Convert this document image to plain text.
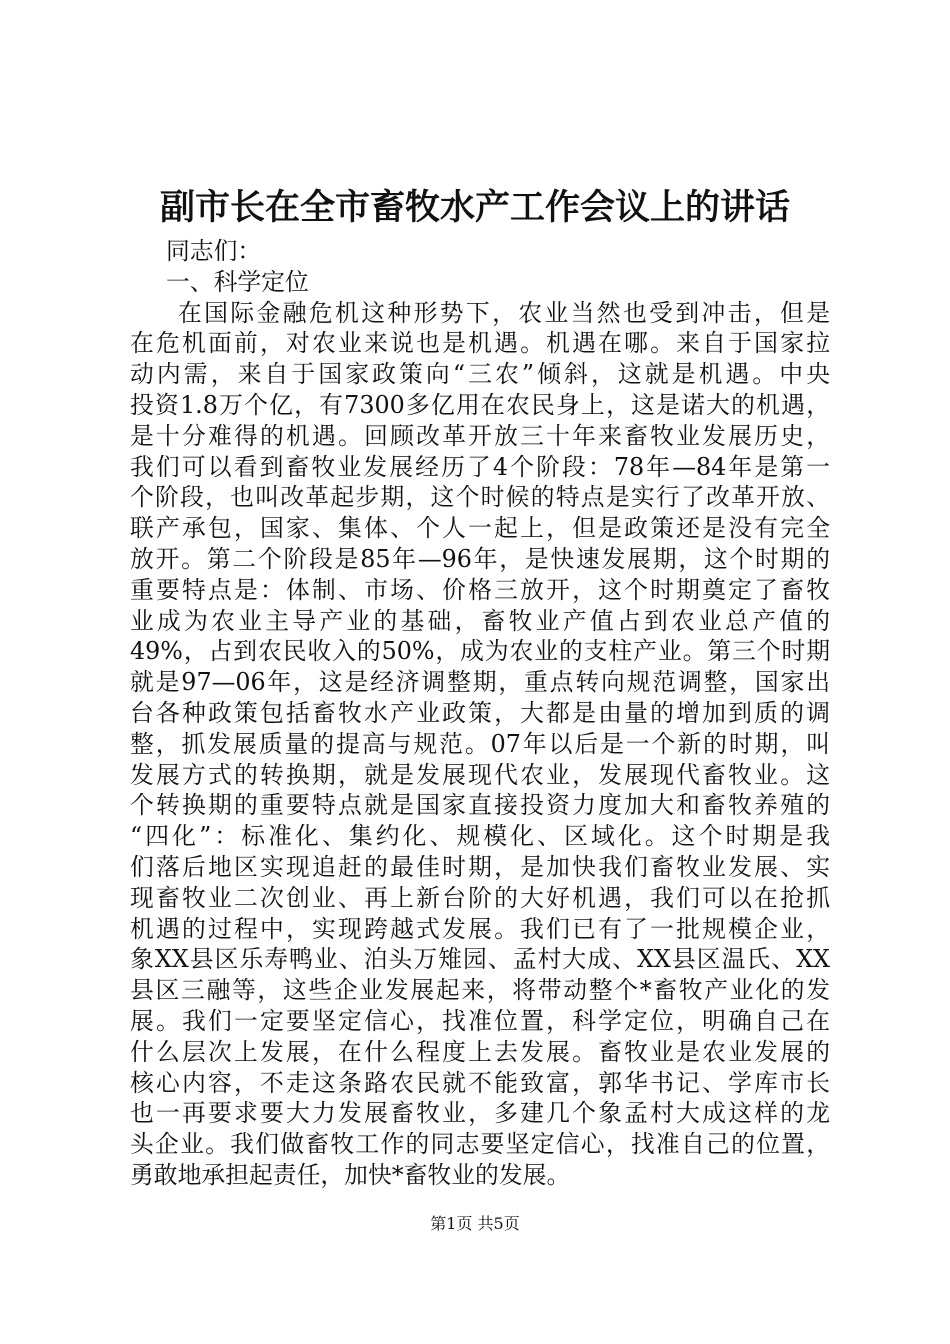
副市长在全市畜牧水产工作会议上的讲话
同志们：
一、科学定位
在国际金融危机这种形势下，农业当然也受到冲击，但是
在危机面前，对农业来说也是机遇。机遇在哪。来自于国家拉
动内需，来自于国家政策向“三农”倾斜，这就是机遇。中央
投资1.8万个亿，有7300多亿用在农民身上，这是诺大的机遇，
是十分难得的机遇。回顾改革开放三十年来畜牧业发展历史，
我们可以看到畜牧业发展经历了4个阶段：78年—84年是第一
个阶段，也叫改革起步期，这个时候的特点是实行了改革开放、
联产承包，国家、集体、个人一起上，但是政策还是没有完全
放开。第二个阶段是85年—96年，是快速发展期，这个时期的
重要特点是：体制、市场、价格三放开，这个时期奠定了畜牧
业成为农业主导产业的基础，畜牧业产值占到农业总产值的
49%，占到农民收入的50%，成为农业的支柱产业。第三个时期
就是97—06年，这是经济调整期，重点转向规范调整，国家出
台各种政策包括畜牧水产业政策，大都是由量的增加到质的调
整，抓发展质量的提高与规范。07年以后是一个新的时期，叫
发展方式的转换期，就是发展现代农业，发展现代畜牧业。这
个转换期的重要特点就是国家直接投资力度加大和畜牧养殖的
“四化”：标准化、集约化、规模化、区域化。这个时期是我
们落后地区实现追赶的最佳时期，是加快我们畜牧业发展、实
现畜牧业二次创业、再上新台阶的大好机遇，我们可以在抢抓
机遇的过程中，实现跨越式发展。我们已有了一批规模企业，
象XX县区乐寿鸭业、泊头万雉园、孟村大成、XX县区温氏、XX
县区三融等，这些企业发展起来，将带动整个*畜牧产业化的发
展。我们一定要坚定信心，找准位置，科学定位，明确自己在
什么层次上发展，在什么程度上去发展。畜牧业是农业发展的
核心内容，不走这条路农民就不能致富，郭华书记、学库市长
也一再要求要大力发展畜牧业，多建几个象孟村大成这样的龙
头企业。我们做畜牧工作的同志要坚定信心，找准自己的位置，
勇敢地承担起责任，加快*畜牧业的发展。
第1页 共5页
